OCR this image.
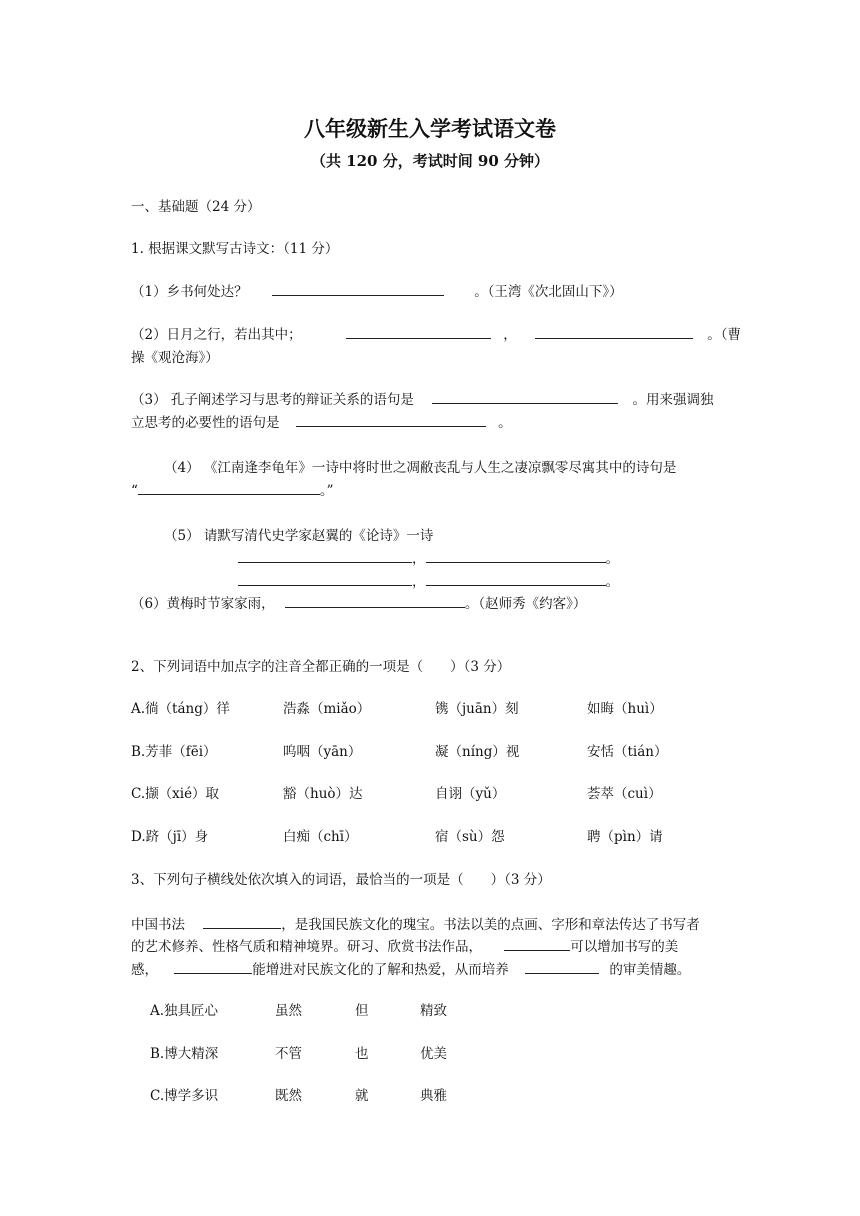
八年级新生入学考试语文卷
（共 120 分，考试时间 90 分钟）
一、基础题（24 分）
1. 根据课文默写古诗文：（11 分）
（1）乡书何处达？	。（王湾《次北固山下》）
（2）日月之行，若出其中；	，	。（曹
操《观沧海》）
（3） 孔子阐述学习与思考的辩证关系的语句是	。用来强调独
立思考的必要性的语句是	。
（4） 《江南逢李龟年》一诗中将时世之凋敝丧乱与人生之凄凉飘零尽寓其中的诗句是
“	。”
（5） 请默写清代史学家赵翼的《论诗》一诗
，	。
，	。
（6）黄梅时节家家雨，	。（赵师秀《约客》）
2、下列词语中加点字的注音全都正确的一项是（　　）（3 分）
A.徜（táng）徉	浩淼（miǎo）	镌（juān）刻	如晦（huì）
B.芳菲（fēi）	呜咽（yān）	凝（níng）视	安恬（tián）
C.撷（xié）取	豁（huò）达	自诩（yǔ）	荟萃（cuì）
D.跻（jī）身	白痴（chī）	宿（sù）怨	聘（pìn）请
3、下列句子横线处依次填入的词语，最恰当的一项是（　　）（3 分）
中国书法	，是我国民族文化的瑰宝。书法以美的点画、字形和章法传达了书写者
的艺术修养、性格气质和精神境界。研习、欣赏书法作品，	可以增加书写的美
感，	能增进对民族文化的了解和热爱，从而培养	的审美情趣。
A.独具匠心	虽然	但	精致
B.博大精深	不管	也	优美
C.博学多识	既然	就	典雅
